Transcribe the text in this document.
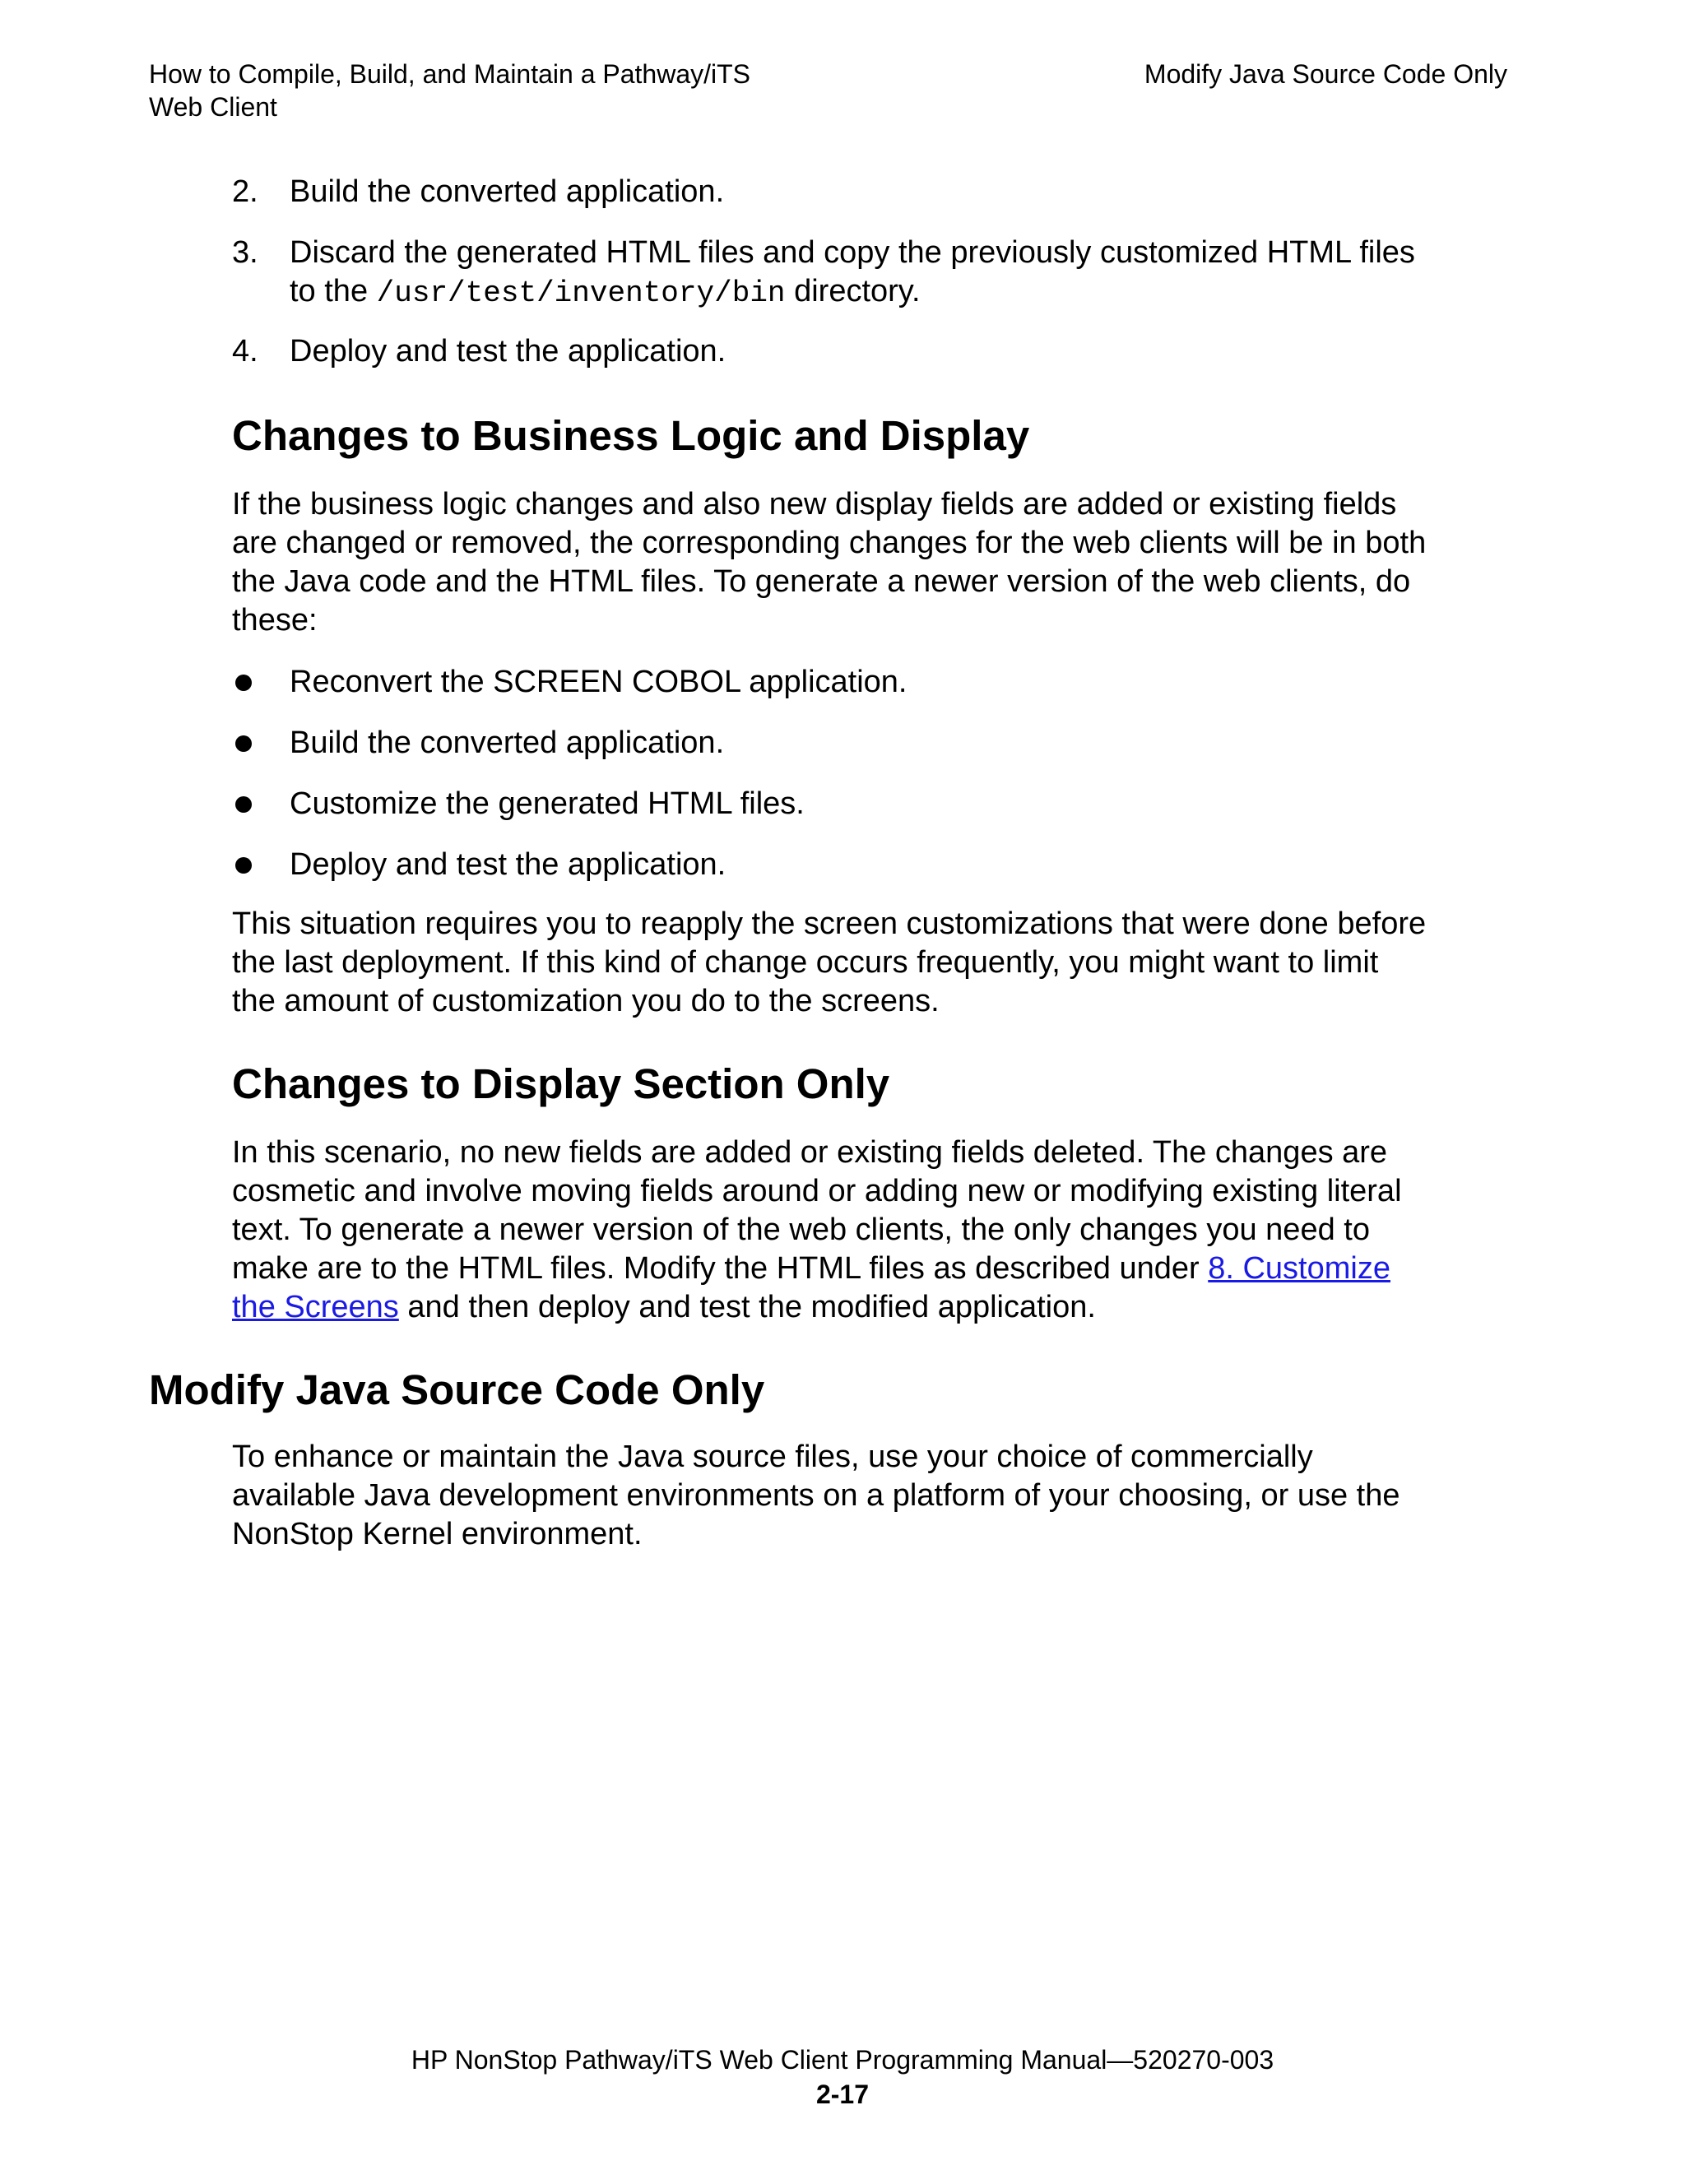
How to Compile, Build, and Maintain a Pathway/iTS
Web Client
Modify Java Source Code Only
2. Build the converted application.
3. Discard the generated HTML files and copy the previously customized HTML files
to the /usr/test/inventory/bin directory.
4. Deploy and test the application.
Changes to Business Logic and Display
If the business logic changes and also new display fields are added or existing fields
are changed or removed, the corresponding changes for the web clients will be in both
the Java code and the HTML files. To generate a newer version of the web clients, do
these:
Reconvert the SCREEN COBOL application.
Build the converted application.
Customize the generated HTML files.
Deploy and test the application.
This situation requires you to reapply the screen customizations that were done before
the last deployment. If this kind of change occurs frequently, you might want to limit
the amount of customization you do to the screens.
Changes to Display Section Only
In this scenario, no new fields are added or existing fields deleted. The changes are
cosmetic and involve moving fields around or adding new or modifying existing literal
text. To generate a newer version of the web clients, the only changes you need to
make are to the HTML files. Modify the HTML files as described under 8. Customize
the Screens and then deploy and test the modified application.
Modify Java Source Code Only
To enhance or maintain the Java source files, use your choice of commercially
available Java development environments on a platform of your choosing, or use the
NonStop Kernel environment.
HP NonStop Pathway/iTS Web Client Programming Manual—520270-003
2-17
